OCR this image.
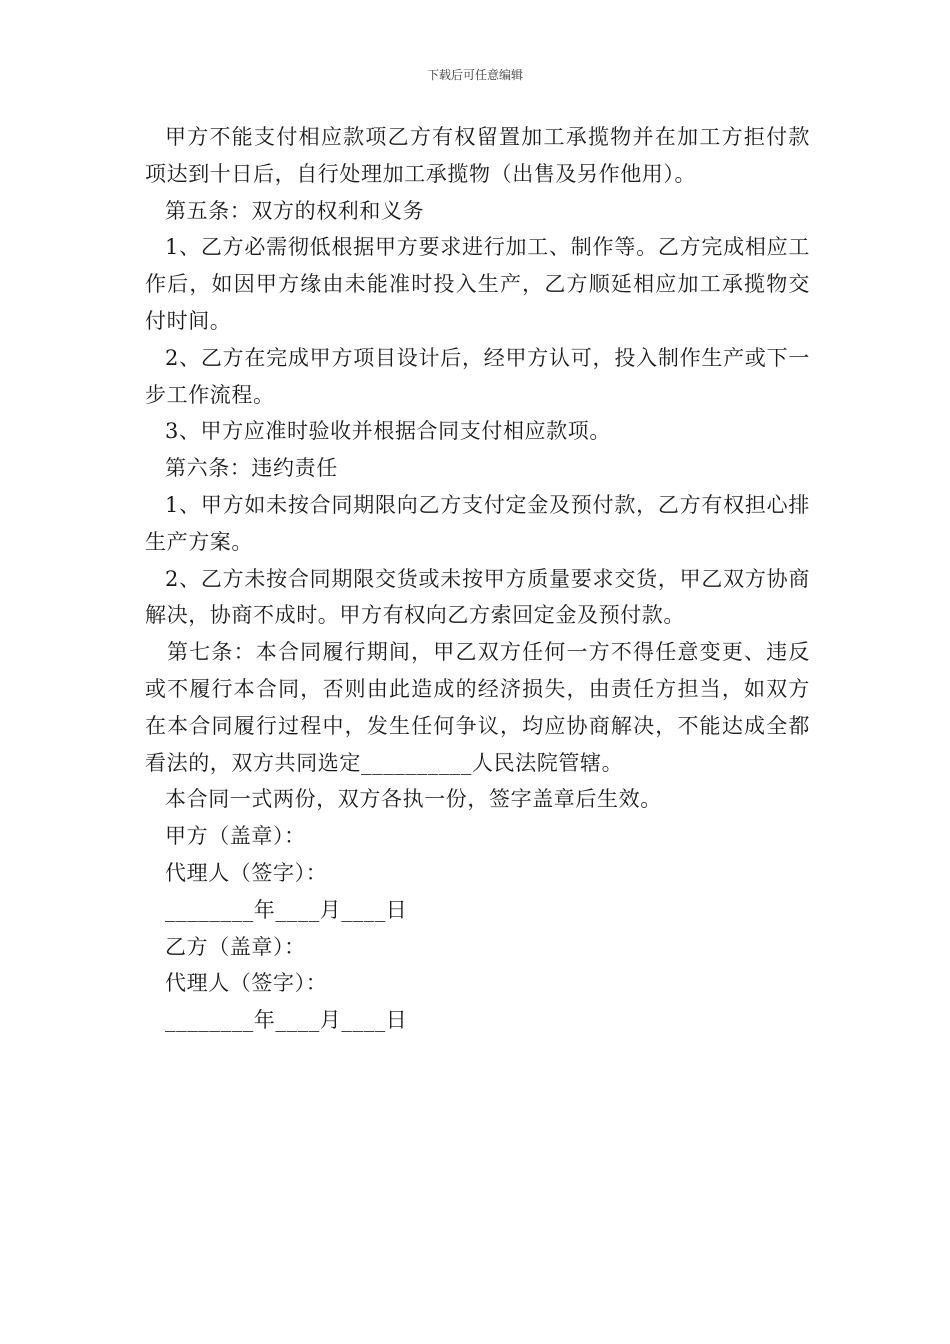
下载后可任意编辑

甲方不能支付相应款项乙方有权留置加工承揽物并在加工方拒付款项达到十日后，自行处理加工承揽物（出售及另作他用）。

第五条：双方的权利和义务

1、乙方必需彻低根据甲方要求进行加工、制作等。乙方完成相应工作后，如因甲方缘由未能准时投入生产，乙方顺延相应加工承揽物交付时间。

2、乙方在完成甲方项目设计后，经甲方认可，投入制作生产或下一步工作流程。

3、甲方应准时验收并根据合同支付相应款项。

第六条：违约责任

1、甲方如未按合同期限向乙方支付定金及预付款，乙方有权担心排生产方案。

2、乙方未按合同期限交货或未按甲方质量要求交货，甲乙双方协商解决，协商不成时。甲方有权向乙方索回定金及预付款。

第七条：本合同履行期间，甲乙双方任何一方不得任意变更、违反或不履行本合同，否则由此造成的经济损失，由责任方担当，如双方在本合同履行过程中，发生任何争议，均应协商解决，不能达成全都看法的，双方共同选定__________人民法院管辖。

本合同一式两份，双方各执一份，签字盖章后生效。

甲方（盖章）：

代理人（签字）：

________年____月____日

乙方（盖章）：

代理人（签字）：

________年____月____日
